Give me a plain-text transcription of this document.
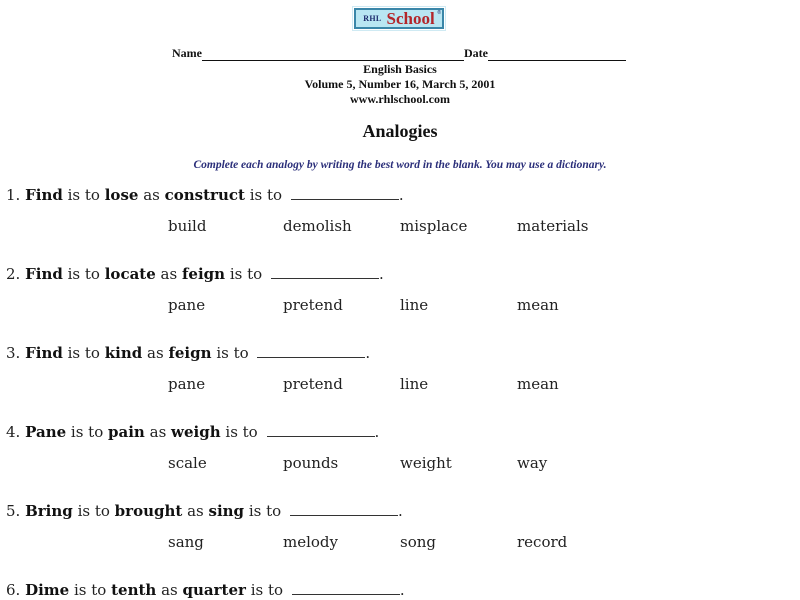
RHL School ®
Name	Date
English Basics
Volume 5, Number 16, March 5, 2001
www.rhlschool.com
Analogies
Complete each analogy by writing the best word in the blank. You may use a dictionary.
1. Find is to lose as construct is to	.
build	demolish	misplace	materials
2. Find is to locate as feign is to	.
pane	pretend	line	mean
3. Find is to kind as feign is to	.
pane	pretend	line	mean
4. Pane is to pain as weigh is to	.
scale	pounds	weight	way
5. Bring is to brought as sing is to	.
sang	melody	song	record
6. Dime is to tenth as quarter is to	.
